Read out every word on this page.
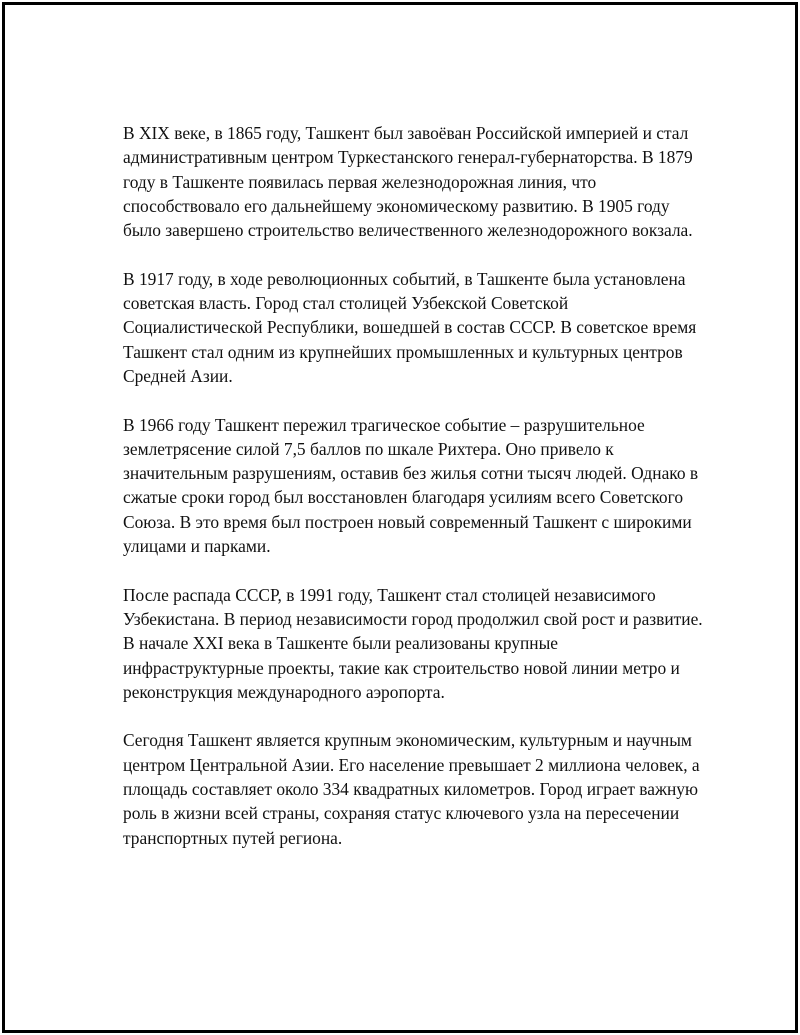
В XIX веке, в 1865 году, Ташкент был завоёван Российской империей и стал административным центром Туркестанского генерал-губернаторства. В 1879 году в Ташкенте появилась первая железнодорожная линия, что способствовало его дальнейшему экономическому развитию. В 1905 году было завершено строительство величественного железнодорожного вокзала.

В 1917 году, в ходе революционных событий, в Ташкенте была установлена советская власть. Город стал столицей Узбекской Советской Социалистической Республики, вошедшей в состав СССР. В советское время Ташкент стал одним из крупнейших промышленных и культурных центров Средней Азии.

В 1966 году Ташкент пережил трагическое событие – разрушительное землетрясение силой 7,5 баллов по шкале Рихтера. Оно привело к значительным разрушениям, оставив без жилья сотни тысяч людей. Однако в сжатые сроки город был восстановлен благодаря усилиям всего Советского Союза. В это время был построен новый современный Ташкент с широкими улицами и парками.

После распада СССР, в 1991 году, Ташкент стал столицей независимого Узбекистана. В период независимости город продолжил свой рост и развитие. В начале XXI века в Ташкенте были реализованы крупные инфраструктурные проекты, такие как строительство новой линии метро и реконструкция международного аэропорта.

Сегодня Ташкент является крупным экономическим, культурным и научным центром Центральной Азии. Его население превышает 2 миллиона человек, а площадь составляет около 334 квадратных километров. Город играет важную роль в жизни всей страны, сохраняя статус ключевого узла на пересечении транспортных путей региона.
